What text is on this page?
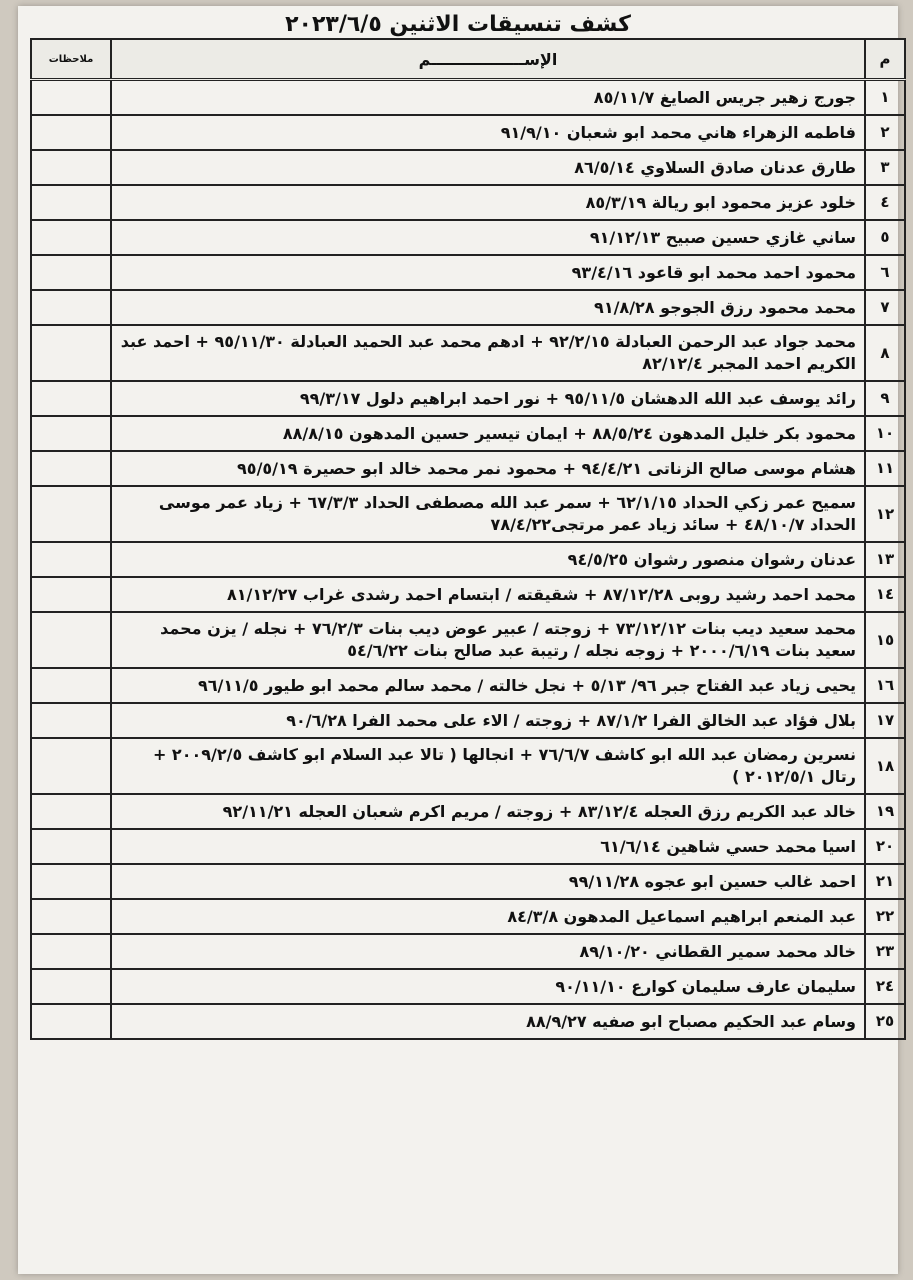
كشف تنسيقات الاثنين ٢٠٢٣/٦/٥
م	الإســـــــــــــــــم	ملاحظات
١	جورج زهير جريس الصايغ ٨٥/١١/٧	
٢	فاطمه الزهراء هاني محمد ابو شعبان ٩١/٩/١٠	
٣	طارق عدنان صادق السلاوي ٨٦/٥/١٤	
٤	خلود عزيز محمود ابو ريالة ٨٥/٣/١٩	
٥	ساني غازي حسين صبيح ٩١/١٢/١٣	
٦	محمود احمد محمد ابو قاعود ٩٣/٤/١٦	
٧	محمد محمود رزق الجوجو ٩١/٨/٢٨	
٨	محمد جواد عبد الرحمن العبادلة ٩٢/٢/١٥ + ادهم محمد عبد الحميد العبادلة ٩٥/١١/٣٠ + احمد عبد الكريم احمد المجبر ٨٢/١٢/٤	
٩	رائد يوسف عبد الله الدهشان ٩٥/١١/٥ + نور احمد ابراهيم دلول ٩٩/٣/١٧	
١٠	محمود بكر خليل المدهون ٨٨/٥/٢٤ + ايمان تيسير حسين المدهون ٨٨/٨/١٥	
١١	هشام موسى صالح الزناتى ٩٤/٤/٢١ + محمود نمر محمد خالد ابو حصيرة ٩٥/٥/١٩	
١٢	سميح عمر زكي الحداد ٦٢/١/١٥ + سمر عبد الله مصطفى الحداد ٦٧/٣/٣ + زياد عمر موسى الحداد ٤٨/١٠/٧ + سائد زياد عمر مرتجى٧٨/٤/٢٢	
١٣	عدنان رشوان منصور رشوان ٩٤/٥/٢٥	
١٤	محمد احمد رشيد روبى ٨٧/١٢/٢٨ + شقيقته / ابتسام احمد رشدى غراب ٨١/١٢/٢٧	
١٥	محمد سعيد ديب بنات ٧٣/١٢/١٢ + زوجته / عبير عوض ديب بنات ٧٦/٢/٣ + نجله / يزن محمد سعيد بنات ٢٠٠٠/٦/١٩ + زوجه نجله / رتيبة عبد صالح بنات ٥٤/٦/٢٢	
١٦	يحيى زياد عبد الفتاح جبر ٩٦/ ٥/١٣ + نجل خالته / محمد سالم محمد ابو طيور ٩٦/١١/٥	
١٧	بلال فؤاد عبد الخالق الفرا ٨٧/١/٢ + زوجته / الاء على محمد الفرا ٩٠/٦/٢٨	
١٨	نسرين رمضان عبد الله ابو كاشف ٧٦/٦/٧ + انجالها ( تالا عبد السلام ابو كاشف ٢٠٠٩/٢/٥ + رتال ٢٠١٢/٥/١ )	
١٩	خالد عبد الكريم رزق العجله ٨٣/١٢/٤ + زوجته / مريم اكرم شعبان العجله ٩٢/١١/٢١	
٢٠	اسيا محمد حسي شاهين ٦١/٦/١٤	
٢١	احمد غالب حسين ابو عجوه ٩٩/١١/٢٨	
٢٢	عبد المنعم ابراهيم اسماعيل المدهون ٨٤/٣/٨	
٢٣	خالد محمد سمير القطاني ٨٩/١٠/٢٠	
٢٤	سليمان عارف سليمان كوارع ٩٠/١١/١٠	
٢٥	وسام عبد الحكيم مصباح ابو صفيه ٨٨/٩/٢٧	
